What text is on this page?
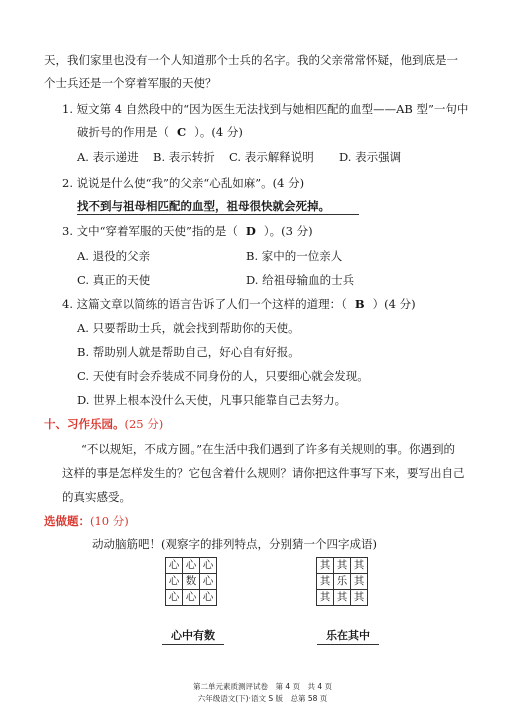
天，我们家里也没有一个人知道那个士兵的名字。我的父亲常常怀疑，他到底是一
个士兵还是一个穿着军服的天使？
1. 短文第 4 自然段中的“因为医生无法找到与她相匹配的血型——AB 型”一句中
破折号的作用是（ C ）。(4 分)
A. 表示递进 B. 表示转折 C. 表示解释说明 D. 表示强调
2. 说说是什么使“我”的父亲“心乱如麻”。(4 分)
找不到与祖母相匹配的血型，祖母很快就会死掉。
3. 文中“穿着军服的天使”指的是（ D ）。(3 分)
A. 退役的父亲	B. 家中的一位亲人
C. 真正的天使	D. 给祖母输血的士兵
4. 这篇文章以简练的语言告诉了人们一个这样的道理：（ B ）(4 分)
A. 只要帮助士兵，就会找到帮助你的天使。
B. 帮助别人就是帮助自己，好心自有好报。
C. 天使有时会乔装成不同身份的人，只要细心就会发现。
D. 世界上根本没什么天使，凡事只能靠自己去努力。
十、习作乐园。(25 分)
“不以规矩，不成方圆。”在生活中我们遇到了许多有关规则的事。你遇到的
这样的事是怎样发生的？它包含着什么规则？请你把这件事写下来，要写出自己
的真实感受。
选做题：(10 分)
动动脑筋吧！(观察字的排列特点，分别猜一个四字成语)
心	心	心
心	数	心
心	心	心
其	其	其
其	乐	其
其	其	其
心中有数	乐在其中
第二单元素质测评试卷　第 4 页　共 4 页
六年级语文(下)·语文 S 版　总第 58 页
